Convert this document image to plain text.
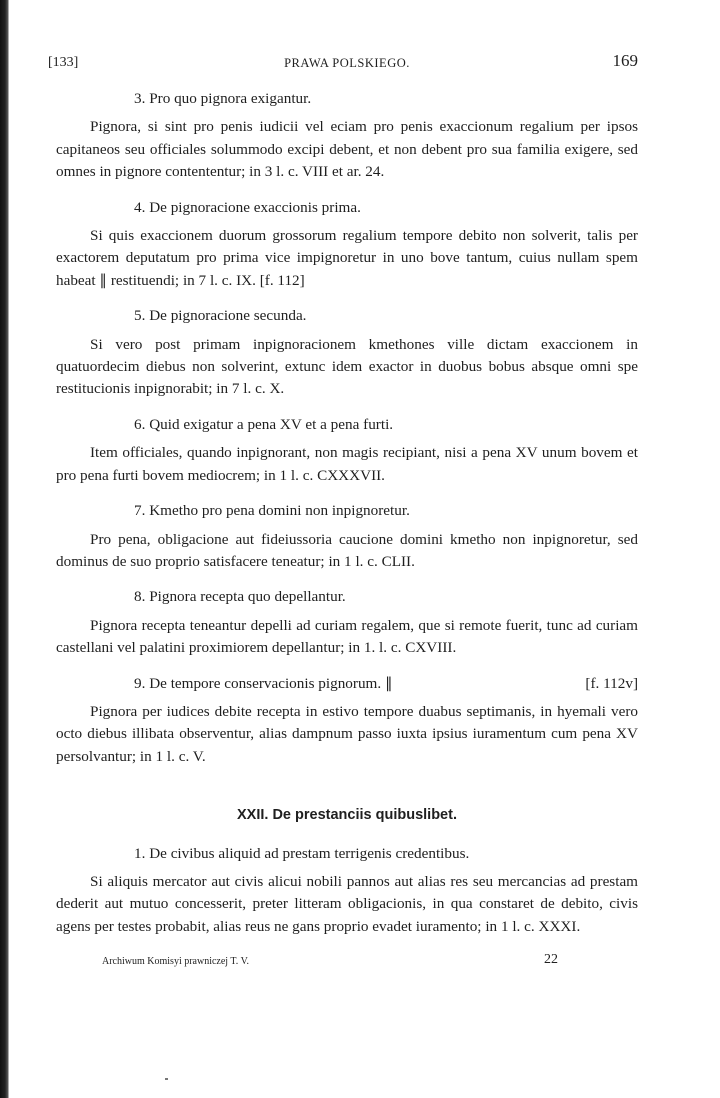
[133]	PRAWA POLSKIEGO.	169
3. Pro quo pignora exigantur.

Pignora, si sint pro penis iudicii vel eciam pro penis exaccionum regalium per ipsos capitaneos seu officiales solummodo excipi debent, et non debent pro sua familia exigere, sed omnes in pignore contententur; in 3 l. c. VIII et ar. 24.

4. De pignoracione exaccionis prima.

Si quis exaccionem duorum grossorum regalium tempore debito non solverit, talis per exactorem deputatum pro prima vice impignoretur in uno bove tantum, cuius nullam spem habeat ∥ restituendi; in 7 l. c. IX. [f. 112]

5. De pignoracione secunda.

Si vero post primam inpignoracionem kmethones ville dictam exaccionem in quatuordecim diebus non solverint, extunc idem exactor in duobus bobus absque omni spe restitucionis inpignorabit; in 7 l. c. X.

6. Quid exigatur a pena XV et a pena furti.

Item officiales, quando inpignorant, non magis recipiant, nisi a pena XV unum bovem et pro pena furti bovem mediocrem; in 1 l. c. CXXXVII.

7. Kmetho pro pena domini non inpignoretur.

Pro pena, obligacione aut fideiussoria caucione domini kmetho non inpignoretur, sed dominus de suo proprio satisfacere teneatur; in 1 l. c. CLII.

8. Pignora recepta quo depellantur.

Pignora recepta teneantur depelli ad curiam regalem, que si remote fuerit, tunc ad curiam castellani vel palatini proximiorem depellantur; in 1. l. c. CXVIII.

9. De tempore conservacionis pignorum. ∥	[f. 112v]

Pignora per iudices debite recepta in estivo tempore duabus septimanis, in hyemali vero octo diebus illibata observentur, alias dampnum passo iuxta ipsius iuramentum cum pena XV persolvantur; in 1 l. c. V.

XXII. De prestanciis quibuslibet.
1. De civibus aliquid ad prestam terrigenis credentibus.

Si aliquis mercator aut civis alicui nobili pannos aut alias res seu mercancias ad prestam dederit aut mutuo concesserit, preter litteram obligacionis, in qua constaret de debito, civis agens per testes probabit, alias reus ne gans proprio evadet iuramento; in 1 l. c. XXXI.

Archiwum Komisyi prawniczej T. V.	22
